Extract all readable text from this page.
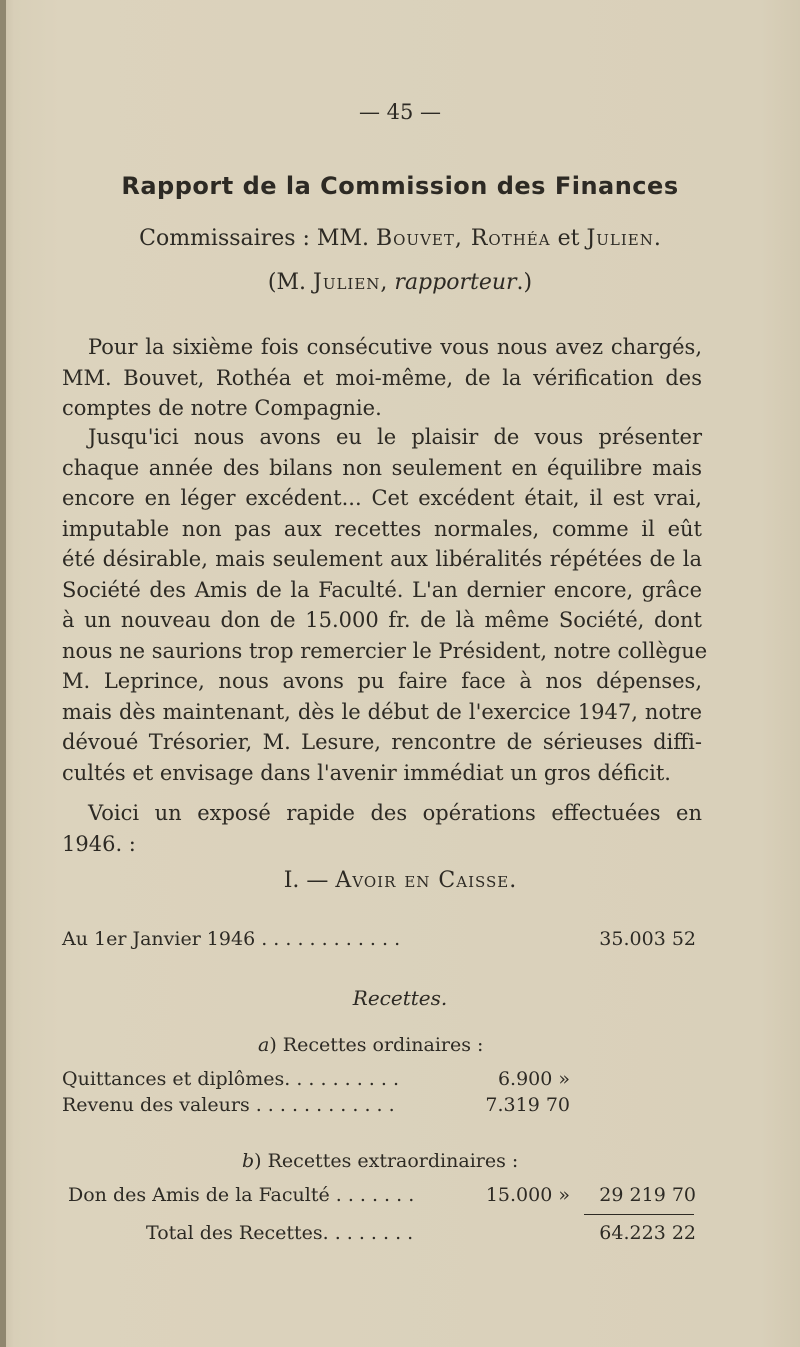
— 45 —
Rapport de la Commission des Finances
Commissaires : MM. Bouvet, Rothéa et Julien.
(M. Julien, rapporteur.)
Pour la sixième fois consécutive vous nous avez chargés,
MM. Bouvet, Rothéa et moi-même, de la vérification des
comptes de notre Compagnie.
Jusqu'ici nous avons eu le plaisir de vous présenter
chaque année des bilans non seulement en équilibre mais
encore en léger excédent... Cet excédent était, il est vrai,
imputable non pas aux recettes normales, comme il eût
été désirable, mais seulement aux libéralités répétées de la
Société des Amis de la Faculté. L'an dernier encore, grâce
à un nouveau don de 15.000 fr. de là même Société, dont
nous ne saurions trop remercier le Président, notre collègue
M. Leprince, nous avons pu faire face à nos dépenses,
mais dès maintenant, dès le début de l'exercice 1947, notre
dévoué Trésorier, M. Lesure, rencontre de sérieuses diffi-
cultés et envisage dans l'avenir immédiat un gros déficit.
Voici un exposé rapide des opérations effectuées en
1946. :
I. — Avoir en Caisse.
Au 1er Janvier 1946 . . . . . . . . . . . .	35.003 52
Recettes.
a) Recettes ordinaires :
Quittances et diplômes. . . . . . . . . .	6.900 »
Revenu des valeurs . . . . . . . . . . . .	7.319 70
b) Recettes extraordinaires :
Don des Amis de la Faculté . . . . . . .	15.000 » 29 219 70
Total des Recettes. . . . . . . .	64.223 22
